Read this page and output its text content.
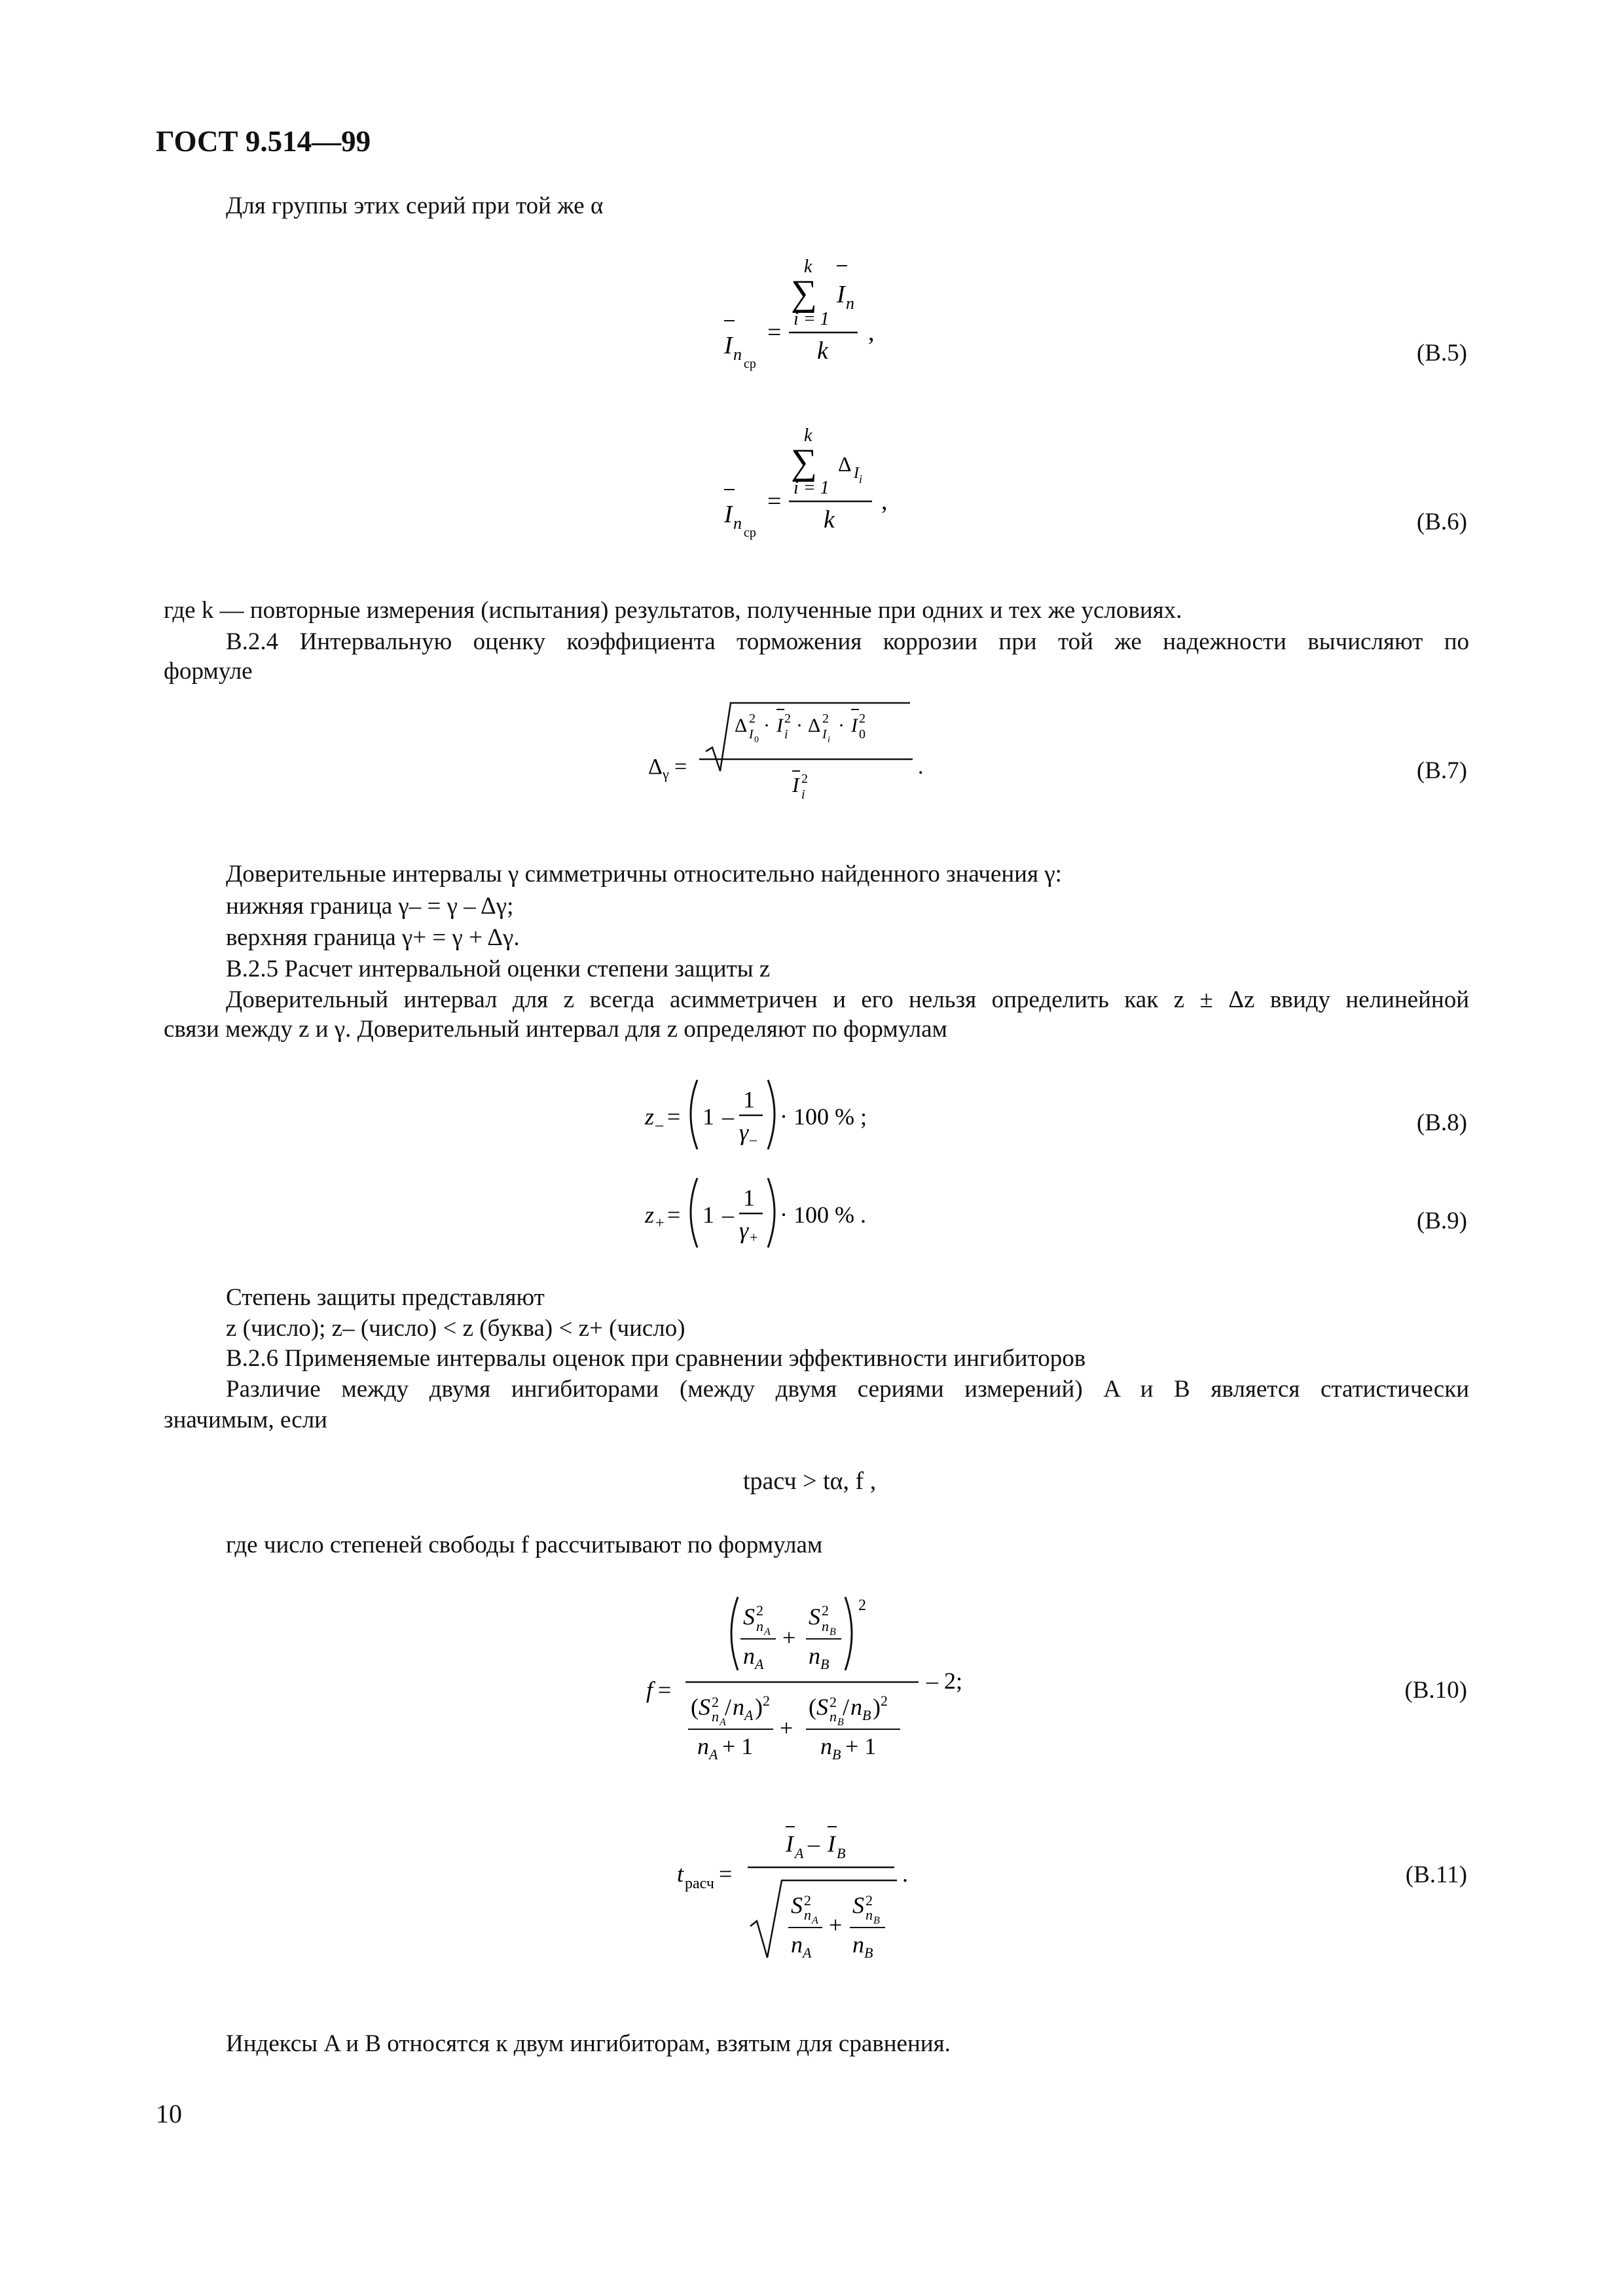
ГОСТ 9.514—99
Для группы этих серий при той же α
k
∑ I n
i = 1
k
I n ср
=	,
(В.5)
k
∑ Δ I i
i = 1
k
I n ср
=	,
(В.6)
где k — повторные измерения (испытания) результатов, полученные при одних и тех же условиях.
В.2.4 Интервальную оценку коэффициента торможения коррозии при той же надежности вычисляют по
формуле
Δ γ =
Δ 2
I 0
· I 2
i · Δ 2
I i
· I 2
0
I 2
i
.	(В.7)
Доверительные интервалы γ симметричны относительно найденного значения γ:
нижняя граница γ– = γ – Δγ;
верхняя граница γ+ = γ + Δγ.
В.2.5 Расчет интервальной оценки степени защиты z
Доверительный интервал для z всегда асимметричен и его нельзя определить как z ± Δz ввиду нелинейной
связи между z и γ. Доверительный интервал для z определяют по формулам
z – = 1 –
1
γ –
· 100 % ;	(В.8)
z + = 1 –
1
γ +
· 100 % .	(В.9)
Степень защиты представляют
z (число); z– (число) < z (буква) < z+ (число)
В.2.6 Применяемые интервалы оценок при сравнении эффективности ингибиторов
Различие между двумя ингибиторами (между двумя сериями измерений) A и B является статистически
значимым, если
tрасч > tα, f ,
где число степеней свободы f рассчитывают по формулам
f =
S 2
n A
n A
+
S 2
n B
n B
2
( S 2
n A
/ n A ) 2
n A + 1
+
( S 2
n B
/ n B ) 2
n B + 1
– 2;	(В.10)
t расч =
I A – I B
S 2
n A
n A
+
S 2
n B
n B
.	(В.11)
Индексы A и B относятся к двум ингибиторам, взятым для сравнения.
10
